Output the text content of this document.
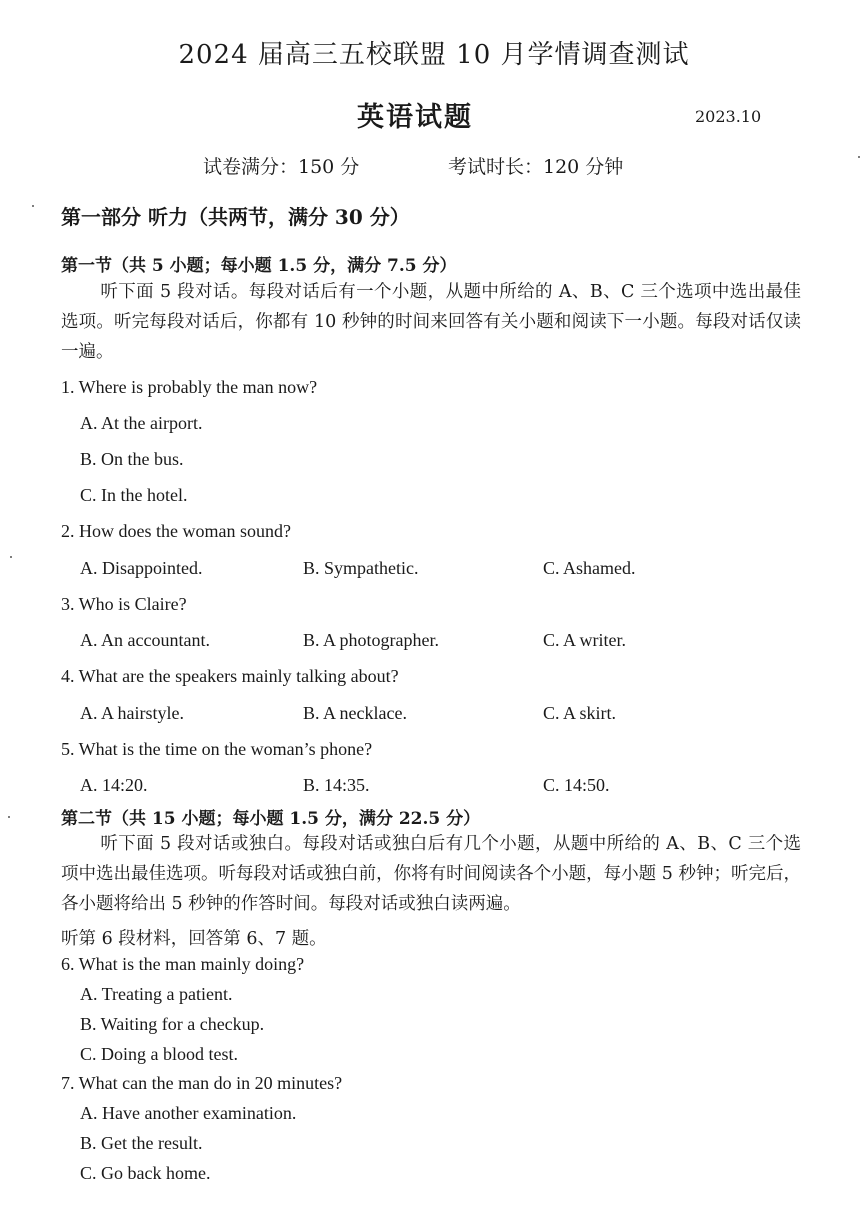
2024 届高三五校联盟 10 月学情调查测试
英语试题	2023.10
试卷满分：150 分	考试时长：120 分钟
第一部分 听力（共两节，满分 30 分）
第一节（共 5 小题；每小题 1.5 分，满分 7.5 分）
听下面 5 段对话。每段对话后有一个小题，从题中所给的 A、B、C 三个选项中选出最佳选项。听完每段对话后，你都有 10 秒钟的时间来回答有关小题和阅读下一小题。每段对话仅读一遍。
1. Where is probably the man now?
A. At the airport.
B. On the bus.
C. In the hotel.
2. How does the woman sound?
A. Disappointed.	B. Sympathetic.	C. Ashamed.
3. Who is Claire?
A. An accountant.	B. A photographer.	C. A writer.
4. What are the speakers mainly talking about?
A. A hairstyle.	B. A necklace.	C. A skirt.
5. What is the time on the woman’s phone?
A. 14:20.	B. 14:35.	C. 14:50.
第二节（共 15 小题；每小题 1.5 分，满分 22.5 分）
听下面 5 段对话或独白。每段对话或独白后有几个小题，从题中所给的 A、B、C 三个选项中选出最佳选项。听每段对话或独白前，你将有时间阅读各个小题，每小题 5 秒钟；听完后，各小题将给出 5 秒钟的作答时间。每段对话或独白读两遍。
听第 6 段材料，回答第 6、7 题。
6. What is the man mainly doing?
A. Treating a patient.
B. Waiting for a checkup.
C. Doing a blood test.
7. What can the man do in 20 minutes?
A. Have another examination.
B. Get the result.
C. Go back home.
